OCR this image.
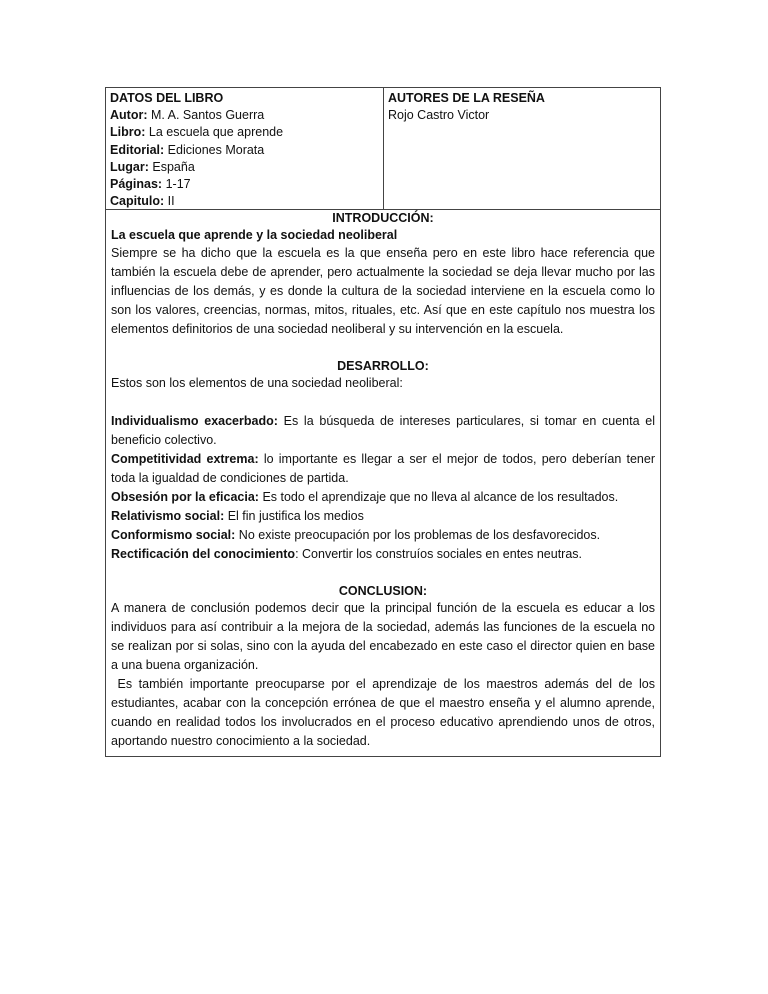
DATOS DEL LIBRO
Autor: M. A. Santos Guerra
Libro: La escuela que aprende
Editorial: Ediciones Morata
Lugar: España
Páginas: 1-17
Capitulo: II
AUTORES DE LA RESEÑA
Rojo Castro Victor
INTRODUCCIÓN:
La escuela que aprende y la sociedad neoliberal

Siempre se ha dicho que la escuela es la que enseña pero en este libro hace referencia que también la escuela debe de aprender, pero actualmente la sociedad se deja llevar mucho por las influencias de los demás, y es donde la cultura de la sociedad interviene en la escuela como lo son los valores, creencias, normas, mitos, rituales, etc. Así que en este capítulo nos muestra los elementos definitorios de una sociedad neoliberal y su intervención en la escuela.

DESARROLLO:

Estos son los elementos de una sociedad neoliberal:

Individualismo exacerbado: Es la búsqueda de intereses particulares, si tomar en cuenta el beneficio colectivo.

Competitividad extrema: lo importante es llegar a ser el mejor de todos, pero deberían tener toda la igualdad de condiciones de partida.

Obsesión por la eficacia: Es todo el aprendizaje que no lleva al alcance de los resultados.

Relativismo social: El fin justifica los medios

Conformismo social: No existe preocupación por los problemas de los desfavorecidos.

Rectificación del conocimiento: Convertir los construíos sociales en entes neutras.

CONCLUSION:

A manera de conclusión podemos decir que la principal función de la escuela es educar a los individuos para así contribuir a la mejora de la sociedad, además las funciones de la escuela no se realizan por si solas, sino con la ayuda del encabezado en este caso el director quien en base a una buena organización.

Es también importante preocuparse por el aprendizaje de los maestros además del de los estudiantes, acabar con la concepción errónea de que el maestro enseña y el alumno aprende, cuando en realidad todos los involucrados en el proceso educativo aprendiendo unos de otros, aportando nuestro conocimiento a la sociedad.
